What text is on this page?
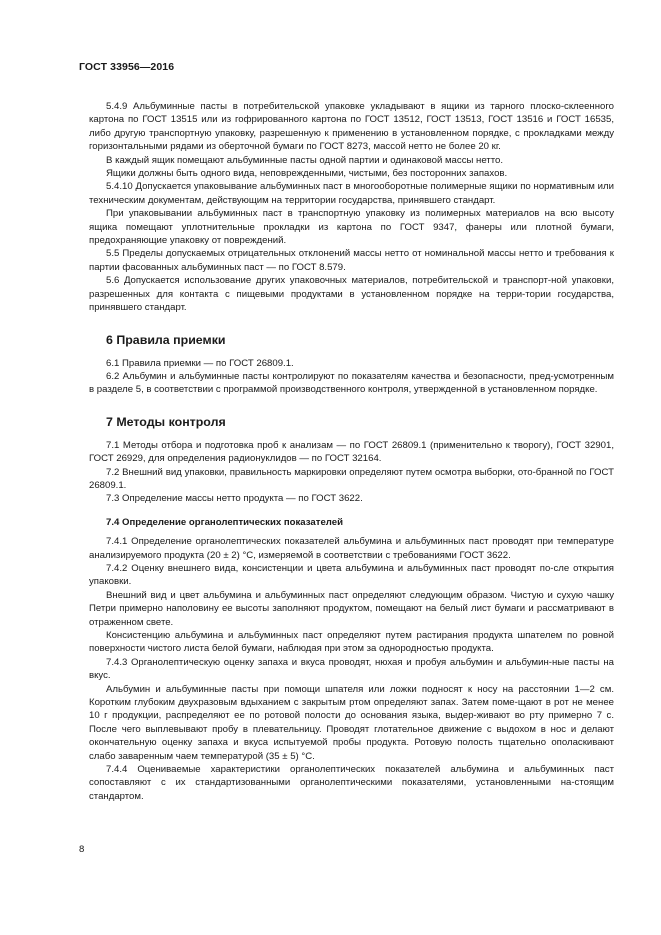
ГОСТ 33956—2016

5.4.9 Альбуминные пасты в потребительской упаковке укладывают в ящики из тарного плоско-склеенного картона по ГОСТ 13515 или из гофрированного картона по ГОСТ 13512, ГОСТ 13513, ГОСТ 13516 и ГОСТ 16535, либо другую транспортную упаковку, разрешенную к применению в установленном порядке, с прокладками между горизонтальными рядами из оберточной бумаги по ГОСТ 8273, массой нетто не более 20 кг.

В каждый ящик помещают альбуминные пасты одной партии и одинаковой массы нетто.

Ящики должны быть одного вида, неповрежденными, чистыми, без посторонних запахов.

5.4.10 Допускается упаковывание альбуминных паст в многооборотные полимерные ящики по нормативным или техническим документам, действующим на территории государства, принявшего стандарт.

При упаковывании альбуминных паст в транспортную упаковку из полимерных материалов на всю высоту ящика помещают уплотнительные прокладки из картона по ГОСТ 9347, фанеры или плотной бумаги, предохраняющие упаковку от повреждений.

5.5 Пределы допускаемых отрицательных отклонений массы нетто от номинальной массы нетто и требования к партии фасованных альбуминных паст — по ГОСТ 8.579.

5.6 Допускается использование других упаковочных материалов, потребительской и транспорт-ной упаковки, разрешенных для контакта с пищевыми продуктами в установленном порядке на терри-тории государства, принявшего стандарт.

6 Правила приемки

6.1 Правила приемки — по ГОСТ 26809.1.

6.2 Альбумин и альбуминные пасты контролируют по показателям качества и безопасности, пред-усмотренным в разделе 5, в соответствии с программой производственного контроля, утвержденной в установленном порядке.

7 Методы контроля

7.1 Методы отбора и подготовка проб к анализам — по ГОСТ 26809.1 (применительно к творогу), ГОСТ 32901, ГОСТ 26929, для определения радионуклидов — по ГОСТ 32164.

7.2 Внешний вид упаковки, правильность маркировки определяют путем осмотра выборки, ото-бранной по ГОСТ 26809.1.

7.3 Определение массы нетто продукта — по ГОСТ 3622.

7.4 Определение органолептических показателей

7.4.1 Определение органолептических показателей альбумина и альбуминных паст проводят при температуре анализируемого продукта (20 ± 2) °С, измеряемой в соответствии с требованиями ГОСТ 3622.

7.4.2 Оценку внешнего вида, консистенции и цвета альбумина и альбуминных паст проводят по-сле открытия упаковки.

Внешний вид и цвет альбумина и альбуминных паст определяют следующим образом. Чистую и сухую чашку Петри примерно наполовину ее высоты заполняют продуктом, помещают на белый лист бумаги и рассматривают в отраженном свете.

Консистенцию альбумина и альбуминных паст определяют путем растирания продукта шпателем по ровной поверхности чистого листа белой бумаги, наблюдая при этом за однородностью продукта.

7.4.3 Органолептическую оценку запаха и вкуса проводят, нюхая и пробуя альбумин и альбумин-ные пасты на вкус.

Альбумин и альбуминные пасты при помощи шпателя или ложки подносят к носу на расстоянии 1—2 см. Коротким глубоким двухразовым вдыханием с закрытым ртом определяют запах. Затем поме-щают в рот не менее 10 г продукции, распределяют ее по ротовой полости до основания языка, выдер-живают во рту примерно 7 с. После чего выплевывают пробу в плевательницу. Проводят глотательное движение с выдохом в нос и делают окончательную оценку запаха и вкуса испытуемой пробы продукта. Ротовую полость тщательно ополаскивают слабо заваренным чаем температурой (35 ± 5) °С.

7.4.4 Оцениваемые характеристики органолептических показателей альбумина и альбуминных паст сопоставляют с их стандартизованными органолептическими показателями, установленными на-стоящим стандартом.

8
